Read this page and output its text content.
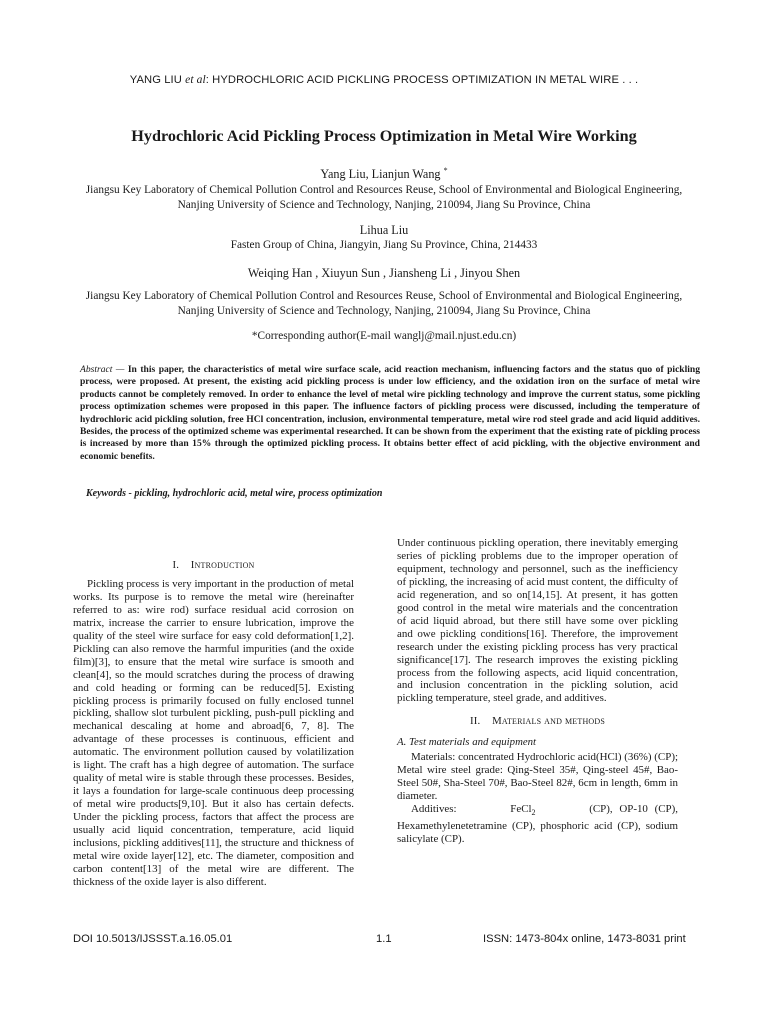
YANG LIU et al: HYDROCHLORIC ACID PICKLING PROCESS OPTIMIZATION IN METAL WIRE . . .
Hydrochloric Acid Pickling Process Optimization in Metal Wire Working
Yang Liu, Lianjun Wang *
Jiangsu Key Laboratory of Chemical Pollution Control and Resources Reuse, School of Environmental and Biological Engineering, Nanjing University of Science and Technology, Nanjing, 210094, Jiang Su Province, China
Lihua Liu
Fasten Group of China, Jiangyin, Jiang Su Province, China, 214433
Weiqing Han , Xiuyun Sun , Jiansheng Li , Jinyou Shen
Jiangsu Key Laboratory of Chemical Pollution Control and Resources Reuse, School of Environmental and Biological Engineering, Nanjing University of Science and Technology, Nanjing, 210094, Jiang Su Province, China
*Corresponding author(E-mail wanglj@mail.njust.edu.cn)
Abstract — In this paper, the characteristics of metal wire surface scale, acid reaction mechanism, influencing factors and the status quo of pickling process, were proposed. At present, the existing acid pickling process is under low efficiency, and the oxidation iron on the surface of metal wire products cannot be completely removed. In order to enhance the level of metal wire pickling technology and improve the current status, some pickling process optimization schemes were proposed in this paper. The influence factors of pickling process were discussed, including the temperature of hydrochloric acid pickling solution, free HCl concentration, inclusion, environmental temperature, metal wire rod steel grade and acid liquid additives. Besides, the process of the optimized scheme was experimental researched. It can be shown from the experiment that the existing rate of pickling process is increased by more than 15% through the optimized pickling process. It obtains better effect of acid pickling, with the objective environment and economic benefits.
Keywords - pickling, hydrochloric acid, metal wire, process optimization
I. Introduction

Pickling process is very important in the production of metal works. Its purpose is to remove the metal wire (hereinafter referred to as: wire rod) surface residual acid corrosion on matrix, increase the carrier to ensure lubrication, improve the quality of the steel wire surface for easy cold deformation[1,2]. Pickling can also remove the harmful impurities (and the oxide film)[3], to ensure that the metal wire surface is smooth and clean[4], so the mould scratches during the process of drawing and cold heading or forming can be reduced[5]. Existing pickling process is primarily focused on fully enclosed tunnel pickling, shallow slot turbulent pickling, push-pull pickling and mechanical descaling at home and abroad[6, 7, 8]. The advantage of these processes is continuous, efficient and automatic. The environment pollution caused by volatilization is light. The craft has a high degree of automation. The surface quality of metal wire is stable through these processes. Besides, it lays a foundation for large-scale continuous deep processing of metal wire products[9,10]. But it also has certain defects. Under the pickling process, factors that affect the process are usually acid liquid concentration, temperature, acid liquid inclusions, pickling additives[11], the structure and thickness of metal wire oxide layer[12], etc. The diameter, composition and carbon content[13] of the metal wire are different. The thickness of the oxide layer is also different.

Under continuous pickling operation, there inevitably emerging series of pickling problems due to the improper operation of equipment, technology and personnel, such as the inefficiency of pickling, the increasing of acid must content, the difficulty of acid regeneration, and so on[14,15]. At present, it has gotten good control in the metal wire materials and the concentration of acid liquid abroad, but there still have some over pickling and owe pickling conditions[16]. Therefore, the improvement research under the existing pickling process has very practical significance[17]. The research improves the existing pickling process from the following aspects, acid liquid concentration, and inclusion concentration in the pickling solution, acid pickling temperature, steel grade, and additives.

II. Materials and methods
A. Test materials and equipment

Materials: concentrated Hydrochloric acid(HCl) (36%) (CP); Metal wire steel grade: Qing-Steel 35#, Qing-steel 45#, Bao-Steel 50#, Sha-Steel 70#, Bao-Steel 82#, 6cm in length, 6mm in diameter.

Additives:	FeCl$_2$	(CP), OP-10 (CP), Hexamethylenetetramine (CP), phosphoric acid (CP), sodium salicylate (CP).

DOI 10.5013/IJSSST.a.16.05.01	1.1	ISSN: 1473-804x online, 1473-8031 print
